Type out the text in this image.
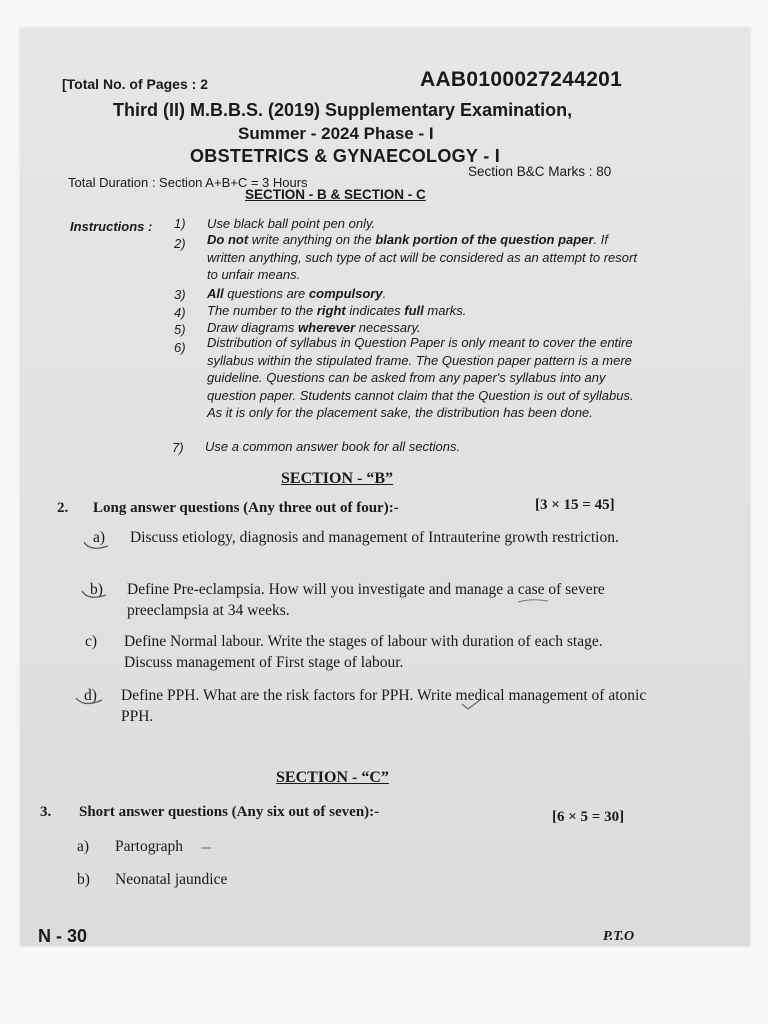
[Total No. of Pages : 2	AAB0100027244201
Third (II) M.B.B.S. (2019) Supplementary Examination,
Summer - 2024 Phase - I
OBSTETRICS & GYNAECOLOGY - I
Total Duration : Section A+B+C = 3 Hours
Section B&C Marks : 80
SECTION - B & SECTION - C
Instructions : 1) Use black ball point pen only.
2) Do not write anything on the blank portion of the question paper. If written anything, such type of act will be considered as an attempt to resort to unfair means.
3) All questions are compulsory.
4) The number to the right indicates full marks.
5) Draw diagrams wherever necessary.
6) Distribution of syllabus in Question Paper is only meant to cover the entire syllabus within the stipulated frame. The Question paper pattern is a mere guideline. Questions can be asked from any paper's syllabus into any question paper. Students cannot claim that the Question is out of syllabus. As it is only for the placement sake, the distribution has been done.
7) Use a common answer book for all sections.
SECTION - “B”
2. Long answer questions (Any three out of four):-	[3 × 15 = 45]
a) Discuss etiology, diagnosis and management of Intrauterine growth restriction.
b) Define Pre-eclampsia. How will you investigate and manage a case of severe preeclampsia at 34 weeks.
c) Define Normal labour. Write the stages of labour with duration of each stage. Discuss management of First stage of labour.
d) Define PPH. What are the risk factors for PPH. Write medical management of atonic PPH.
SECTION - “C”
3. Short answer questions (Any six out of seven):-	[6 × 5 = 30]
a) Partograph
b) Neonatal jaundice
N - 30	P.T.O
